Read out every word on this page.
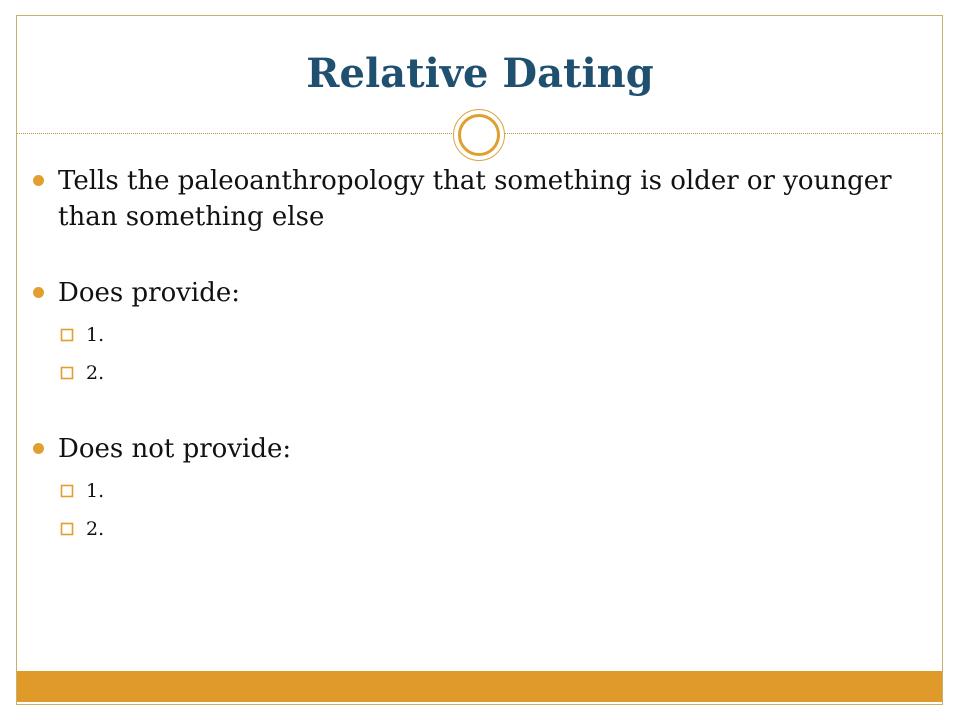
Relative Dating
Tells the paleoanthropology that something is older or younger than something else
Does provide:
1.
2.
Does not provide:
1.
2.
